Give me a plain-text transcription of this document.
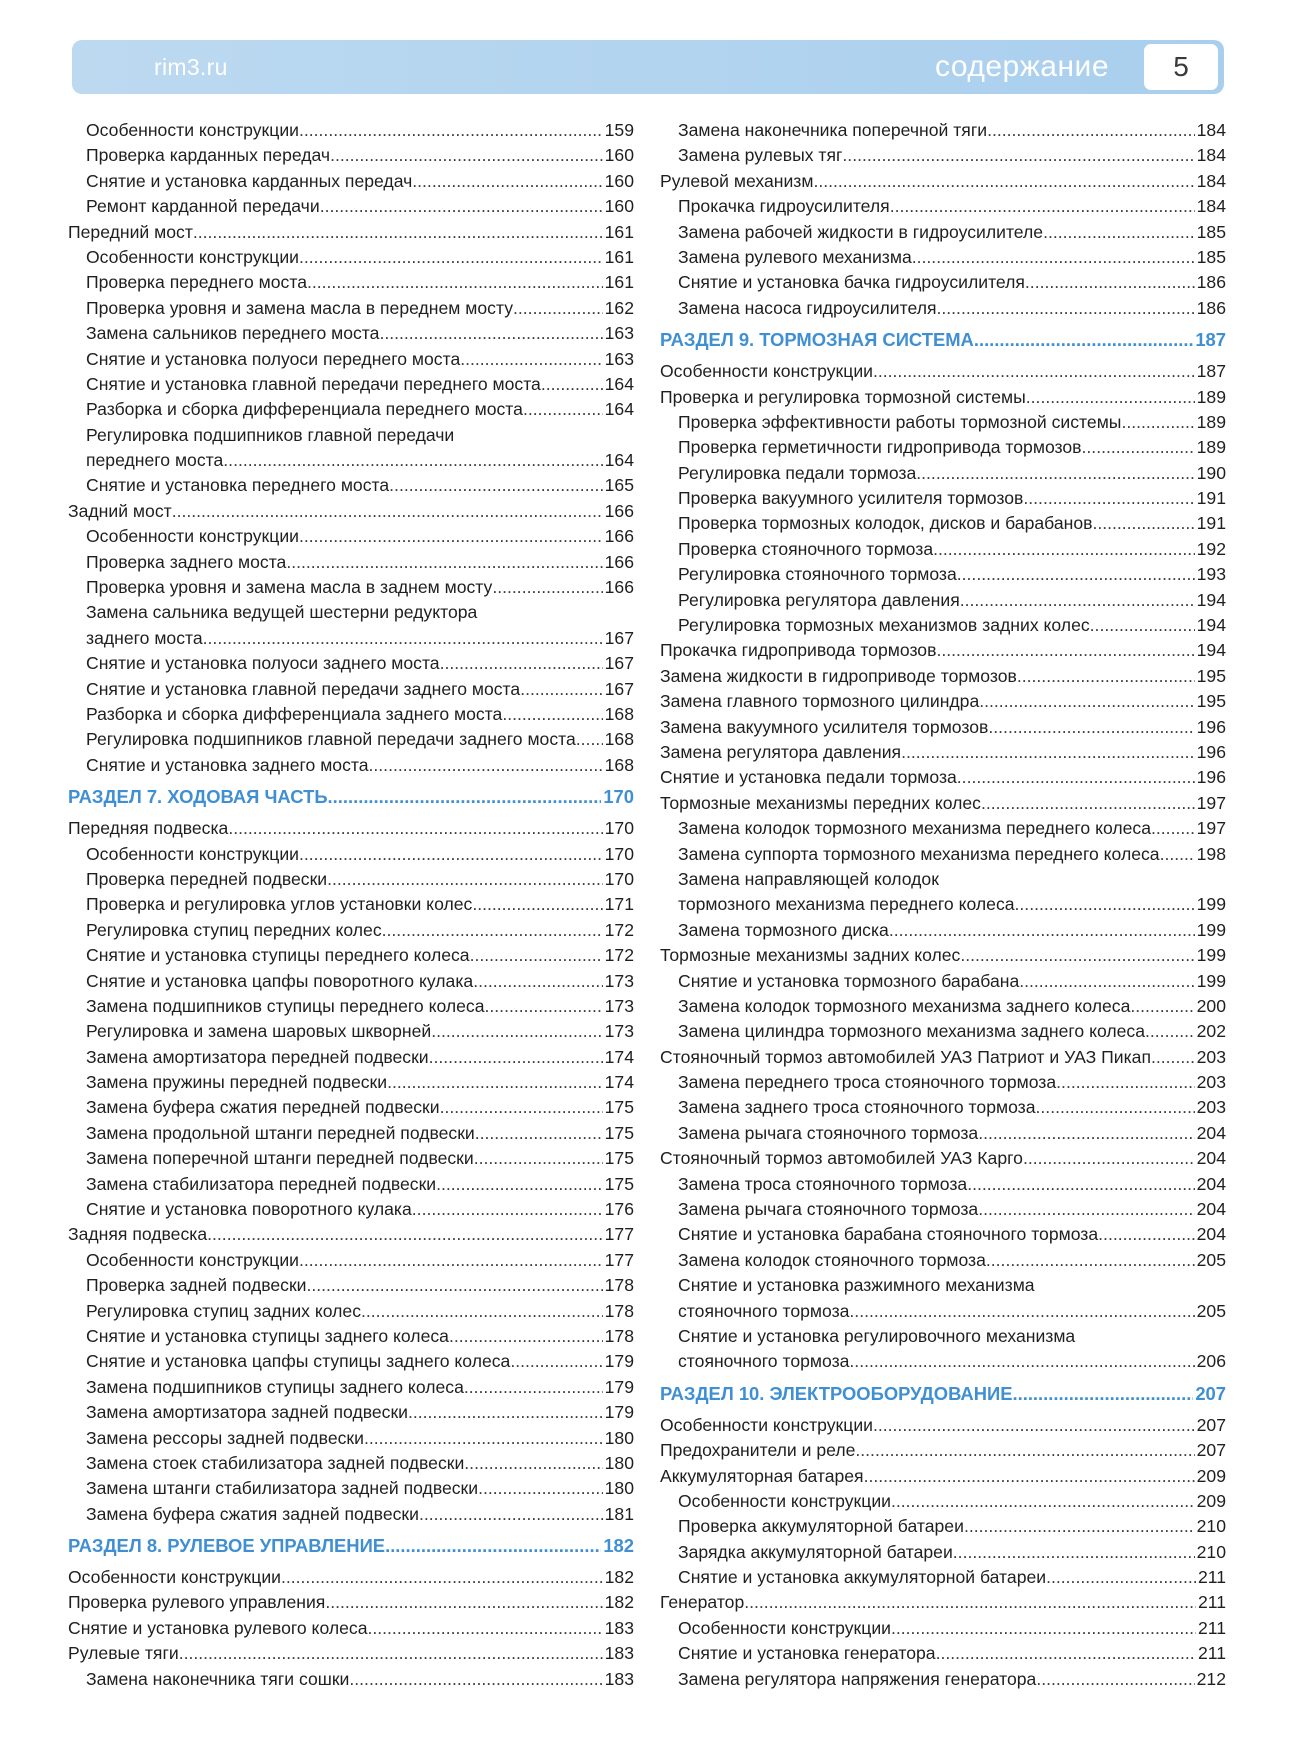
rim3.ru	содержание	5
Особенности конструкции .....	159
Проверка карданных передач .....	160
Снятие и установка карданных передач .....	160
Ремонт карданной передачи .....	160
Передний мост .....	161
Особенности конструкции .....	161
Проверка переднего моста .....	161
Проверка уровня и замена масла в переднем мосту .....	162
Замена сальников переднего моста .....	163
Снятие и установка полуоси переднего моста .....	163
Снятие и установка главной передачи переднего моста .....	164
Разборка и сборка дифференциала переднего моста .....	164
Регулировка подшипников главной передачи
переднего моста .....	164
Снятие и установка переднего моста .....	165
Задний мост .....	166
Особенности конструкции .....	166
Проверка заднего моста .....	166
Проверка уровня и замена масла в заднем мосту .....	166
Замена сальника ведущей шестерни редуктора
заднего моста .....	167
Снятие и установка полуоси заднего моста .....	167
Снятие и установка главной передачи заднего моста .....	167
Разборка и сборка дифференциала заднего моста .....	168
Регулировка подшипников главной передачи заднего моста ..... 168
Снятие и установка заднего моста .....	168
РАЗДЕЛ 7. ХОДОВАЯ ЧАСТЬ .....	170
Передняя подвеска .....	170
Особенности конструкции .....	170
Проверка передней подвески .....	170
Проверка и регулировка углов установки колес .....	171
Регулировка ступиц передних колес .....	172
Снятие и установка ступицы переднего колеса .....	172
Снятие и установка цапфы поворотного кулака .....	173
Замена подшипников ступицы переднего колеса .....	173
Регулировка и замена шаровых шкворней .....	173
Замена амортизатора передней подвески .....	174
Замена пружины передней подвески .....	174
Замена буфера сжатия передней подвески .....	175
Замена продольной штанги передней подвески .....	175
Замена поперечной штанги передней подвески .....	175
Замена стабилизатора передней подвески .....	175
Снятие и установка поворотного кулака .....	176
Задняя подвеска .....	177
Особенности конструкции .....	177
Проверка задней подвески .....	178
Регулировка ступиц задних колес .....	178
Снятие и установка ступицы заднего колеса .....	178
Снятие и установка цапфы ступицы заднего колеса .....	179
Замена подшипников ступицы заднего колеса .....	179
Замена амортизатора задней подвески .....	179
Замена рессоры задней подвески .....	180
Замена стоек стабилизатора задней подвески .....	180
Замена штанги стабилизатора задней подвески .....	180
Замена буфера сжатия задней подвески .....	181
РАЗДЕЛ 8. РУЛЕВОЕ УПРАВЛЕНИЕ .....	182
Особенности конструкции .....	182
Проверка рулевого управления .....	182
Снятие и установка рулевого колеса .....	183
Рулевые тяги .....	183
Замена наконечника тяги сошки .....	183
Замена наконечника поперечной тяги .....	184
Замена рулевых тяг .....	184
Рулевой механизм .....	184
Прокачка гидроусилителя .....	184
Замена рабочей жидкости в гидроусилителе .....	185
Замена рулевого механизма .....	185
Снятие и установка бачка гидроусилителя .....	186
Замена насоса гидроусилителя .....	186
РАЗДЕЛ 9. ТОРМОЗНАЯ СИСТЕМА .....	187
Особенности конструкции .....	187
Проверка и регулировка тормозной системы .....	189
Проверка эффективности работы тормозной системы .....	189
Проверка герметичности гидропривода тормозов .....	189
Регулировка педали тормоза .....	190
Проверка вакуумного усилителя тормозов .....	191
Проверка тормозных колодок, дисков и барабанов .....	191
Проверка стояночного тормоза .....	192
Регулировка стояночного тормоза .....	193
Регулировка регулятора давления .....	194
Регулировка тормозных механизмов задних колес .....	194
Прокачка гидропривода тормозов .....	194
Замена жидкости в гидроприводе тормозов .....	195
Замена главного тормозного цилиндра .....	195
Замена вакуумного усилителя тормозов .....	196
Замена регулятора давления .....	196
Снятие и установка педали тормоза .....	196
Тормозные механизмы передних колес .....	197
Замена колодок тормозного механизма переднего колеса .....	197
Замена суппорта тормозного механизма переднего колеса ..... 198
Замена направляющей колодок
тормозного механизма переднего колеса .....	199
Замена тормозного диска .....	199
Тормозные механизмы задних колес .....	199
Снятие и установка тормозного барабана .....	199
Замена колодок тормозного механизма заднего колеса .....	200
Замена цилиндра тормозного механизма заднего колеса .....	202
Стояночный тормоз автомобилей УАЗ Патриот и УАЗ Пикап .....	203
Замена переднего троса стояночного тормоза .....	203
Замена заднего троса стояночного тормоза .....	203
Замена рычага стояночного тормоза .....	204
Стояночный тормоз автомобилей УАЗ Карго .....	204
Замена троса стояночного тормоза .....	204
Замена рычага стояночного тормоза .....	204
Снятие и установка барабана стояночного тормоза .....	204
Замена колодок стояночного тормоза .....	205
Снятие и установка разжимного механизма
стояночного тормоза .....	205
Снятие и установка регулировочного механизма
стояночного тормоза .....	206
РАЗДЕЛ 10. ЭЛЕКТРООБОРУДОВАНИЕ .....	207
Особенности конструкции .....	207
Предохранители и реле .....	207
Аккумуляторная батарея .....	209
Особенности конструкции .....	209
Проверка аккумуляторной батареи .....	210
Зарядка аккумуляторной батареи .....	210
Снятие и установка аккумуляторной батареи .....	211
Генератор .....	211
Особенности конструкции .....	211
Снятие и установка генератора .....	211
Замена регулятора напряжения генератора .....	212
